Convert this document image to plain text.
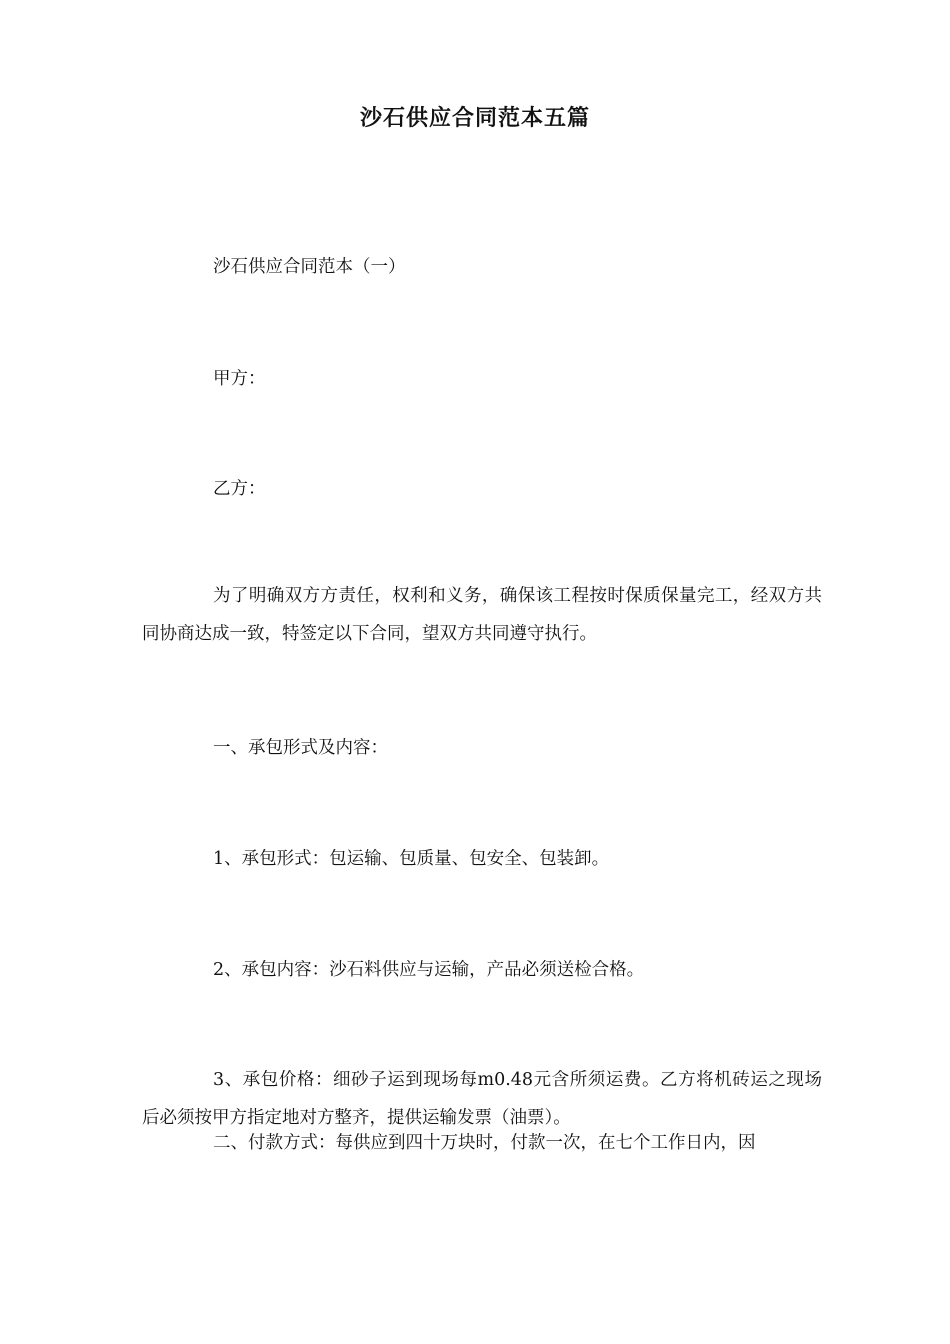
沙石供应合同范本五篇
沙石供应合同范本（一）
甲方：
乙方：
为了明确双方方责任，权利和义务，确保该工程按时保质保量完工，经双方共同协商达成一致，特签定以下合同，望双方共同遵守执行。
一、承包形式及内容：
1、承包形式：包运输、包质量、包安全、包装卸。
2、承包内容：沙石料供应与运输，产品必须送检合格。
3、承包价格：细砂子运到现场每m0.48元含所须运费。乙方将机砖运之现场后必须按甲方指定地对方整齐，提供运输发票（油票）。
二、付款方式：每供应到四十万块时，付款一次，在七个工作日内，因
